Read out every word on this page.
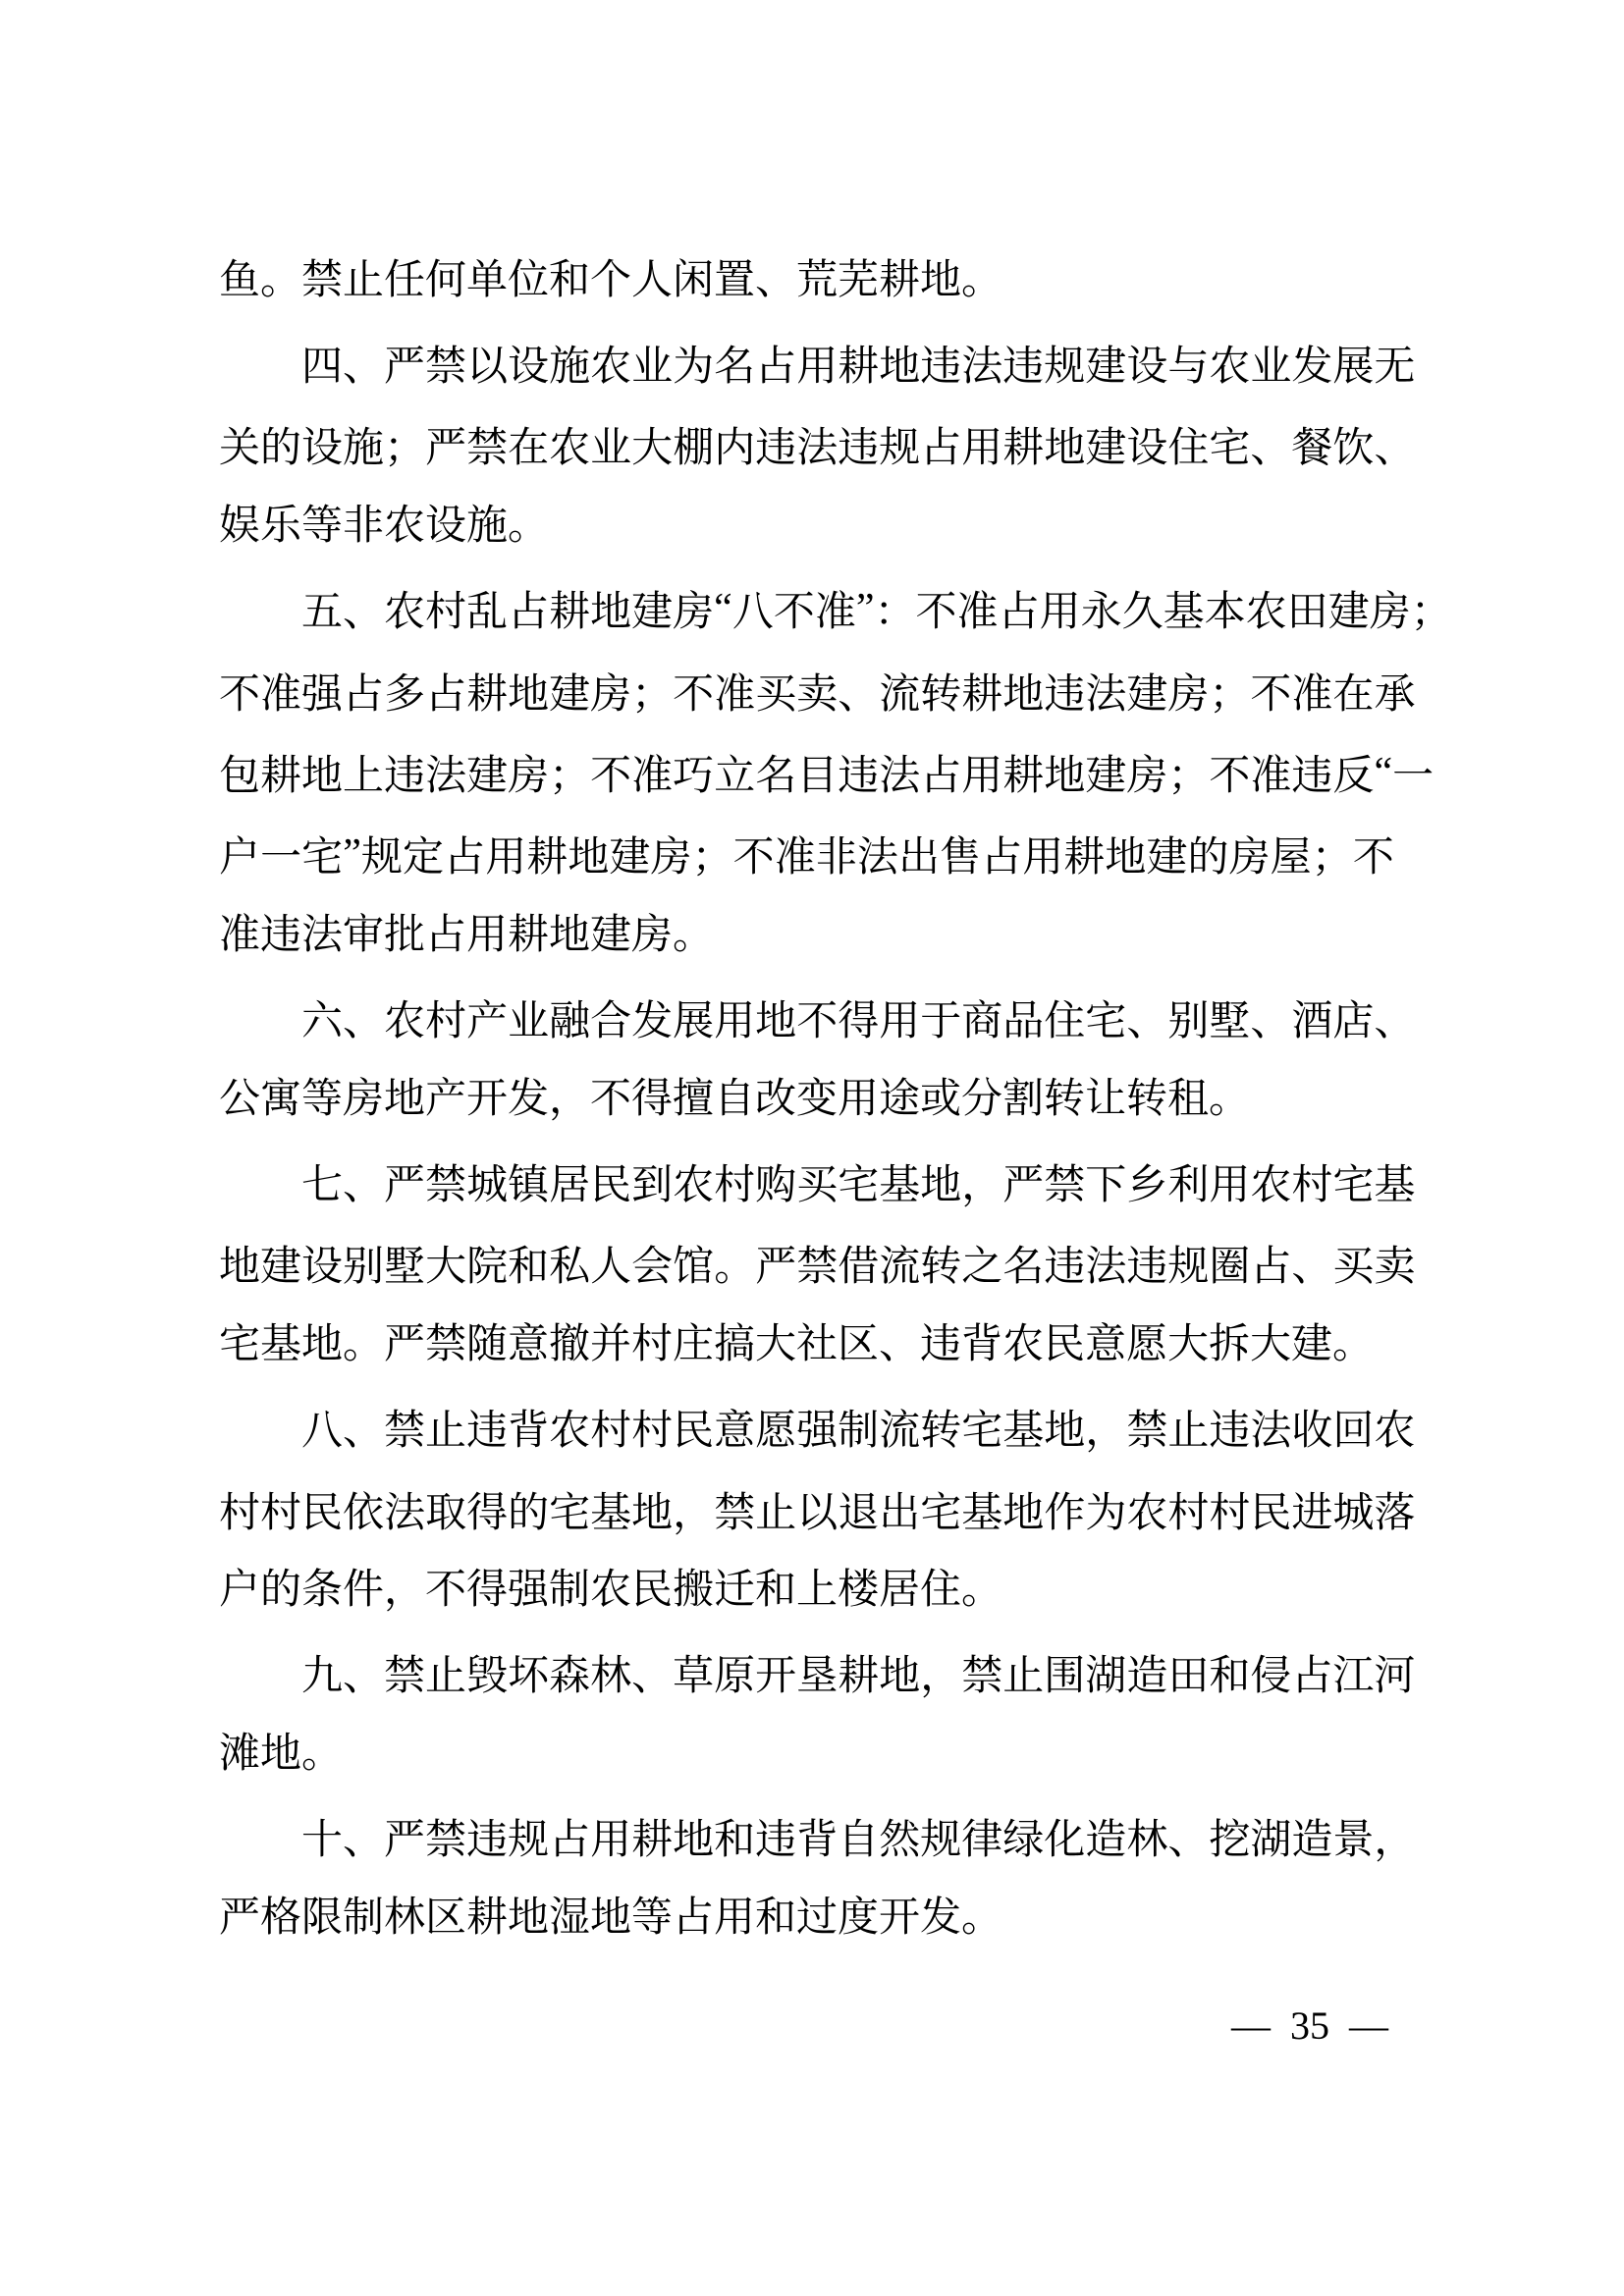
鱼。禁止任何单位和个人闲置、荒芜耕地。
四 、 严 禁 以 设 施 农 业 为 名 占 用 耕 地 违 法 违 规 建 设 与 农 业 发 展 无
关 的 设 施 ； 严 禁 在 农 业 大 棚 内 违 法 违 规 占 用 耕 地 建 设 住 宅 、 餐 饮 、
娱乐等非农设施。
五 、 农 村 乱 占 耕 地 建 房 “ 八 不 准 ” ： 不 准 占 用 永 久 基 本 农 田 建 房 ；
不 准 强 占 多 占 耕 地 建 房 ； 不 准 买 卖 、 流 转 耕 地 违 法 建 房 ； 不 准 在 承
包 耕 地 上 违 法 建 房 ； 不 准 巧 立 名 目 违 法 占 用 耕 地 建 房 ； 不 准 违 反 “ 一
户 一 宅 ” 规 定 占 用 耕 地 建 房 ； 不 准 非 法 出 售 占 用 耕 地 建 的 房 屋 ； 不
准违法审批占用耕地建房。
六 、 农 村 产 业 融 合 发 展 用 地 不 得 用 于 商 品 住 宅 、 别 墅 、 酒 店 、
公寓等房地产开发，不得擅自改变用途或分割转让转租。
七 、 严 禁 城 镇 居 民 到 农 村 购 买 宅 基 地 ， 严 禁 下 乡 利 用 农 村 宅 基
地 建 设 别 墅 大 院 和 私 人 会 馆 。 严 禁 借 流 转 之 名 违 法 违 规 圈 占 、 买 卖
宅基地。严禁随意撤并村庄搞大社区、违背农民意愿大拆大建。
八 、 禁 止 违 背 农 村 村 民 意 愿 强 制 流 转 宅 基 地 ， 禁 止 违 法 收 回 农
村 村 民 依 法 取 得 的 宅 基 地 ， 禁 止 以 退 出 宅 基 地 作 为 农 村 村 民 进 城 落
户的条件，不得强制农民搬迁和上楼居住。
九 、 禁 止 毁 坏 森 林 、 草 原 开 垦 耕 地 ， 禁 止 围 湖 造 田 和 侵 占 江 河
滩地。
十 、 严 禁 违 规 占 用 耕 地 和 违 背 自 然 规 律 绿 化 造 林 、 挖 湖 造 景 ，
严格限制林区耕地湿地等占用和过度开发。
— 35 —
